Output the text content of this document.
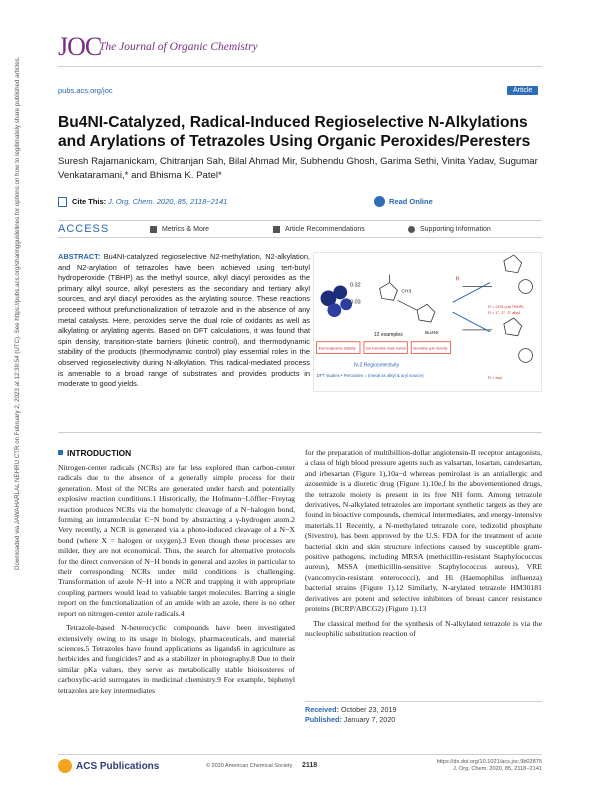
Downloaded via JAWAHARLAL NEHRU CTR on February 2, 2023 at 12:39:54 (UTC). See https://pubs.acs.org/sharingguidelines for options on how to legitimately share published articles.
JOC
The Journal of Organic Chemistry
pubs.acs.org/joc	Article
Bu4NI-Catalyzed, Radical-Induced Regioselective N-Alkylations and Arylations of Tetrazoles Using Organic Peroxides/Peresters
Suresh Rajamanickam, Chitranjan Sah, Bilal Ahmad Mir, Subhendu Ghosh, Garima Sethi, Vinita Yadav, Sugumar Venkataramani,* and Bhisma K. Patel*
Cite This: J. Org. Chem. 2020, 85, 2118−2141	Read Online
ACCESS	Metrics & More	Article Recommendations	Supporting Information
ABSTRACT: Bu4NI-catalyzed regioselective N2-methylation, N2-alkylation, and N2-arylation of tetrazoles have been achieved using tert-butyl hydroperoxide (TBHP) as the methyl source, alkyl diacyl peroxides as the primary alkyl source, alkyl peresters as the secondary and tertiary alkyl sources, and aryl diacyl peroxides as the arylating source. These reactions proceed without prefunctionalization of tetrazole and in the absence of any metal catalysts. Here, peroxides serve the dual role of oxidants as well as alkylating or arylating agents. Based on DFT calculations, it was found that spin density, transition-state barriers (kinetic control), and thermodynamic stability of the products (thermodynamic control) play essential roles in the observed regioselectivity during N-alkylation. This radical-mediated process is amenable to a broad range of substrates and provides products in moderate to good yields.
0.32
0.03
CH3
Bu4NI
12 examples
thermodynamic stability	low transition state barrier favorable spin density
N-2 Regioselectivity
DFT studies • Peroxides = (metal as alkyl & aryl source)
R
R = CH3 (via TBHP)
R = 1°, 2°, 3° alkyl
R = aryl
INTRODUCTION

Nitrogen-center radicals (NCRs) are far less explored than carbon-center radicals due to the absence of a generally simple process for their generation. Most of the NCRs are generated under harsh and potentially explosive reaction conditions.1 Historically, the Hofmann−Löffler−Freytag reaction produces NCRs via the homolytic cleavage of a N−halogen bond, forming an intramolecular C−N bond by abstracting a γ-hydrogen atom.2 Very recently, a NCR is generated via a photo-induced cleavage of a N−X bond (where X = halogen or oxygen).3 Even though these processes are milder, they are not economical. Thus, the search for alternative protocols for the direct conversion of N−H bonds in general and azoles in particular to their corresponding NCRs under mild conditions is challenging. Transformation of azole N−H into a NCR and trapping it with appropriate coupling partners would lead to valuable target molecules. Barring a single report on the functionalization of an amide with an azole, there is no other report on nitrogen-center azole radicals.4

Tetrazole-based N-heterocyclic compounds have been investigated extensively owing to its usage in biology, pharmaceuticals, and material sciences.5 Tetrazoles have found applications as ligands6 in agriculture as herbicides and fungicides7 and as a stabilizer in photography.8 Due to their similar pKa values, they serve as metabolically stable bioisosteres of carboxylic-acid surrogates in medicinal chemistry.9 For example, biphenyl tetrazoles are key intermediates

for the preparation of multibillion-dollar angiotensin-II receptor antagonists, a class of high blood pressure agents such as valsartan, losartan, candesartan, and irbesartan (Figure 1),10a−d whereas pemirolast is an antiallergic and azosemide is a diuretic drug (Figure 1).10e,f In the abovementioned drugs, the tetrazole moiety is present in its free NH form. Among tetrazole derivatives, N-alkylated tetrazoles are important synthetic targets as they are found in bioactive compounds, chemical intermediates, and energy-intensive materials.11 Recently, a N-methylated tetrazole core, tedizolid phosphate (Sivextro), has been approved by the U.S. FDA for the treatment of acute bacterial skin and skin structure infections caused by susceptible gram-positive pathogens, including MRSA (methicillin-resistant Staphylococcus aureus), MSSA (methicillin-sensitive Staphylococcus aureus), VRE (vancomycin-resistant enterococci), and Hi (Haemophilus influenza) bacterial strains (Figure 1).12 Similarly, N-arylated tetrazole HM30181 derivatives are potent and selective inhibitors of breast cancer resistance proteins (BCRP/ABCG2) (Figure 1).13

The classical method for the synthesis of N-alkylated tetrazole is via the nucleophilic substitution reaction of

Received: October 23, 2019
Published: January 7, 2020
ACS Publications	© 2020 American Chemical Society 2118	https://dx.doi.org/10.1021/acs.joc.9b02875
J. Org. Chem. 2020, 85, 2118−2141
